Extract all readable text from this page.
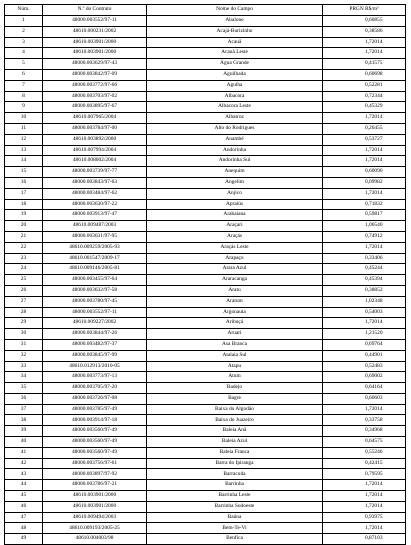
Núm.	N.º do Contrato	Nome do Campo	PRGN R$/m³
1	48000.003552/97-11	Abalone	0,60855
2	48610.000231/2002	Acajá-Burizinho	0,38586
3	48610.003901/2000	Acauã	1,72014
4	48610.003901/2000	Acauã Leste	1,72014
5	48000.003629/97-43	Água Grande	0,41575
6	48000.003842/97-09	Aguilhada	0,60698
7	48000.003772/97-66	Agulha	0,52281
8	48000.003703/97-02	Albacora	0,72344
9	48000.003895/97-67	Albacora Leste	0,45329
10	48610.007965/2004	Albatroz	1,72014
11	48000.003784/97-00	Alto do Rodrigues	0,26455
12	48610.003892/2000	Anambé	0,53727
13	48610.007994/2004	Andorinha	1,72014
14	48610.008002/2004	Andorinha Sul	1,72014
15	48000.003739/97-77	Anequim	0,60090
16	48000.003843/97-63	Angelim	0,09982
17	48000.003484/97-62	Anjico	1,72014
18	48000.003630/97-22	Apraiús	0,71832
19	48000.003913/97-47	Arabaiana	0,59817
20	48610.009487/2003	Araçari	1,06540
21	48000.003631/97-95	Araçás	0,74912
22	48610.009259/2005-93	Araçás Leste	1,72014
23	48610.001547/2009-17	Arapaçu	0,33406
24	48610.009146/2005-81	Arara Azul	0,45244
25	48000.003455/97-64	Araracanga	0,45394
26	48000.003632/97-58	Aratu	0,38852
27	48000.003780/97-45	Aratum	1,02348
28	48000.003552/97-11	Argonauta	0,54003
29	48610.009227/2002	Aribuçá	1,72014
30	48000.003844/97-26	Aruari	1,21520
31	48000.003482/97-37	Asa Branca	0,69764
32	48000.003845/97-99	Atalaia Sul	0,44901
33	48610.012913/2010-05	Atapu	0,52483
34	48000.003773/97-13	Atum	0,69002
35	48000.003705/97-20	Badejo	0,64164
36	48000.003726/97-08	Bagre	0,60603
37	48000.003785/97-49	Baixa do Algodão	1,72014
38	48000.003914/97-18	Baixa do Juazeiro	0,33758
39	48000.003560/97-49	Baleia Anã	0,34968
40	48000.003560/97-49	Baleia Azul	0,64575
41	48000.003560/97-49	Baleia Franca	0,55246
42	48000.003756/97-61	Barra do Ipiranga	0,42415
43	48000.003897/97-92	Barracuda	0,79595
44	48000.003786/97-21	Barrinha	1,72014
45	48610.003901/2000	Barrinha Leste	1,72014
46	48610.003901/2000	Barrinha Sudoeste	1,72014
47	48610.009494/2003	Baúna	0,93975
48	48610.009193/2005-25	Bem-Te-Vi	1,72014
49	48610.004003/98	Benfica	0,87103
